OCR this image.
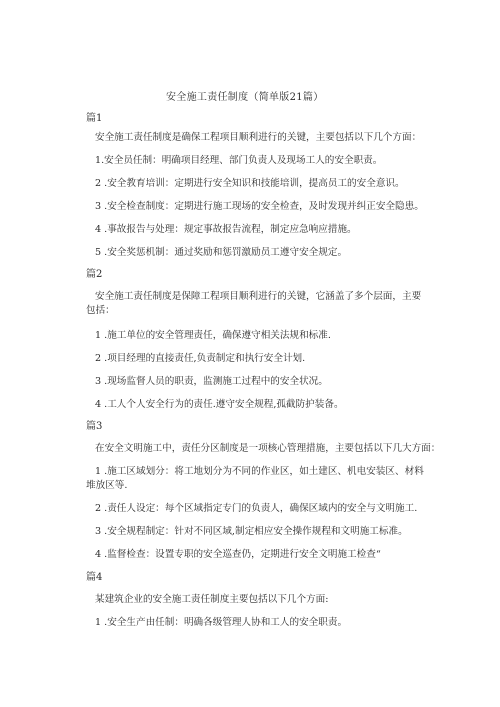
安全施工责任制度（简单版21篇）
篇1
安全施工责任制度是确保工程项目顺利进行的关键，主要包括以下几个方面：
1.安全员任制：明确项目经理、部门负责人及现场工人的安全职责。
2 .安全教育培训：定期进行安全知识和技能培训，提高员工的安全意识。
3 .安全检查制度：定期进行施工现场的安全检查，及时发现并纠正安全隐患。
4 .事故报告与处理：规定事故报告流程，制定应急响应措施。
5 .安全奖惩机制：通过奖励和惩罚激励员工遵守安全规定。
篇2
安全施工责任制度是保障工程项目顺利进行的关键，它涵盖了多个层面，主要包括：
1 .施工单位的安全管理责任，确保遵守相关法规和标准.
2 .项目经理的直接责任,负责制定和执行安全计划.
3 .现场监督人员的职责，监测施工过程中的安全状况。
4 .工人个人安全行为的责任.遵守安全规程,孤截防护装备。
篇3
在安全文明施工中，责任分区制度是一项核心管理措施，主要包括以下几大方面：
1 .施工区域划分：将工地划分为不同的作业区，如土建区、机电安装区、材料堆放区等.
2 .责任人设定：每个区域指定专门的负责人，确保区域内的安全与文明施工.
3 .安全规程制定：针对不同区域,制定相应安全操作规程和文明施工标准。
4 .监督检查：设置专职的安全巡查仍，定期进行安全文明施工检查“
篇4
某建筑企业的安全施工责任制度主要包括以下几个方面:
1 .安全生产由任制：明确各级管理人协和工人的安全职责。
